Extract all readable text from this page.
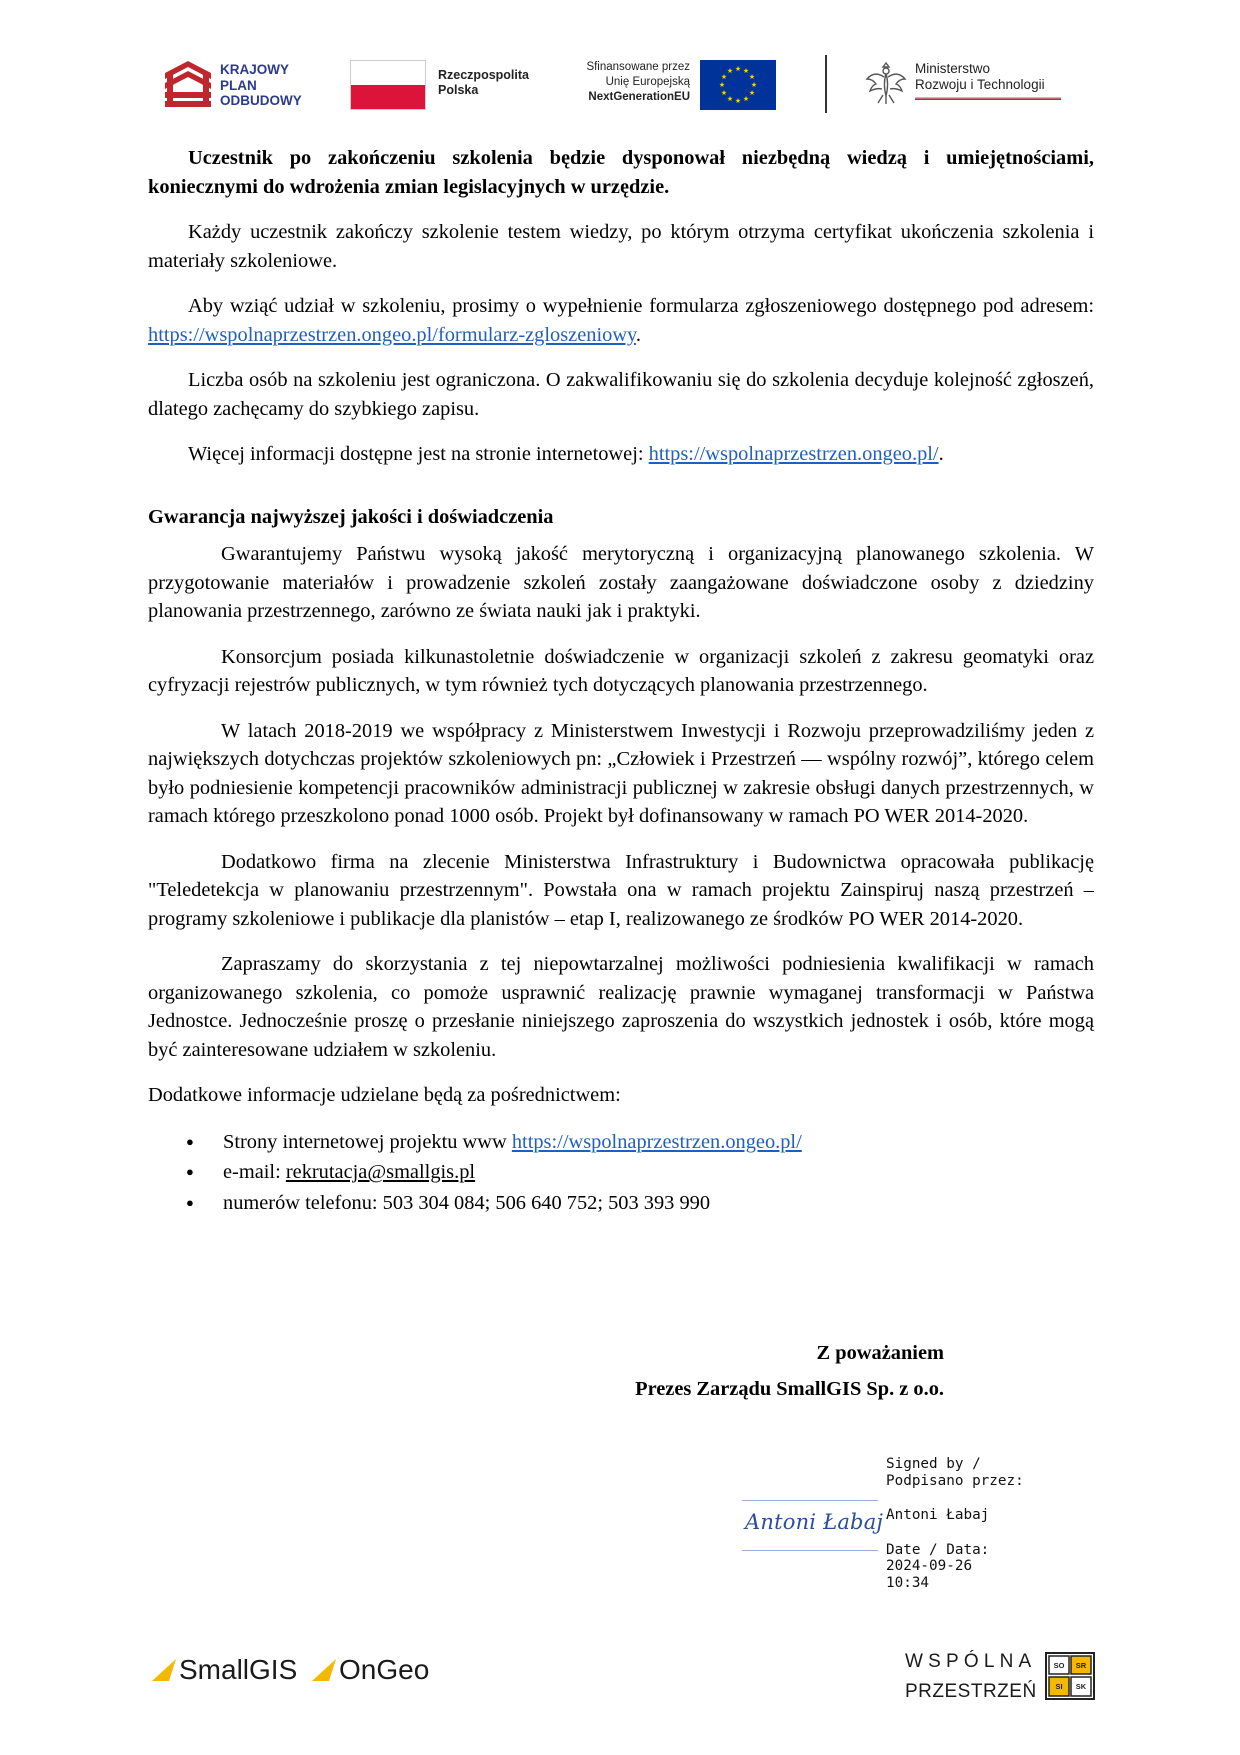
KRAJOWY
PLAN
ODBUDOWY
Rzeczpospolita
Polska
Sfinansowane przez
Unię Europejską
NextGenerationEU
★ ★
★
★
★
★
★
★
★
★
★
★	Ministerstwo
Rozwoju i Technologii

Uczestnik po zakończeniu szkolenia będzie dysponował niezbędną wiedzą i umiejętnościami, koniecznymi do wdrożenia zmian legislacyjnych w urzędzie.

Każdy uczestnik zakończy szkolenie testem wiedzy, po którym otrzyma certyfikat ukończenia szkolenia i materiały szkoleniowe.

Aby wziąć udział w szkoleniu, prosimy o wypełnienie formularza zgłoszeniowego dostępnego pod adresem: https://wspolnaprzestrzen.ongeo.pl/formularz-zgloszeniowy.

Liczba osób na szkoleniu jest ograniczona. O zakwalifikowaniu się do szkolenia decyduje kolejność zgłoszeń, dlatego zachęcamy do szybkiego zapisu.

Więcej informacji dostępne jest na stronie internetowej: https://wspolnaprzestrzen.ongeo.pl/.

Gwarancja najwyższej jakości i doświadczenia

Gwarantujemy Państwu wysoką jakość merytoryczną i organizacyjną planowanego szkolenia. W przygotowanie materiałów i prowadzenie szkoleń zostały zaangażowane doświadczone osoby z dziedziny planowania przestrzennego, zarówno ze świata nauki jak i praktyki.

Konsorcjum posiada kilkunastoletnie doświadczenie w organizacji szkoleń z zakresu geomatyki oraz cyfryzacji rejestrów publicznych, w tym również tych dotyczących planowania przestrzennego.

W latach 2018-2019 we współpracy z Ministerstwem Inwestycji i Rozwoju przeprowadziliśmy jeden z największych dotychczas projektów szkoleniowych pn: „Człowiek i Przestrzeń — wspólny rozwój”, którego celem było podniesienie kompetencji pracowników administracji publicznej w zakresie obsługi danych przestrzennych, w ramach którego przeszkolono ponad 1000 osób. Projekt był dofinansowany w ramach PO WER 2014-2020.

Dodatkowo firma na zlecenie Ministerstwa Infrastruktury i Budownictwa opracowała publikację "Teledetekcja w planowaniu przestrzennym". Powstała ona w ramach projektu Zainspiruj naszą przestrzeń – programy szkoleniowe i publikacje dla planistów – etap I, realizowanego ze środków PO WER 2014-2020.

Zapraszamy do skorzystania z tej niepowtarzalnej możliwości podniesienia kwalifikacji w ramach organizowanego szkolenia, co pomoże usprawnić realizację prawnie wymaganej transformacji w Państwa Jednostce. Jednocześnie proszę o przesłanie niniejszego zaproszenia do wszystkich jednostek i osób, które mogą być zainteresowane udziałem w szkoleniu.

Dodatkowe informacje udzielane będą za pośrednictwem:

● Strony internetowej projektu www https://wspolnaprzestrzen.ongeo.pl/
● e-mail: rekrutacja@smallgis.pl
● numerów telefonu: 503 304 084; 506 640 752; 503 393 990
Z poważaniem
Prezes Zarządu SmallGIS Sp. z o.o.
Antoni Łabaj
Signed by /
Podpisano przez:
Antoni Łabaj
Date / Data:
2024-09-26
10:34
SmallGIS OnGeo	WSPÓLNA
PRZESTRZEŃ
SO SR
SI SK
